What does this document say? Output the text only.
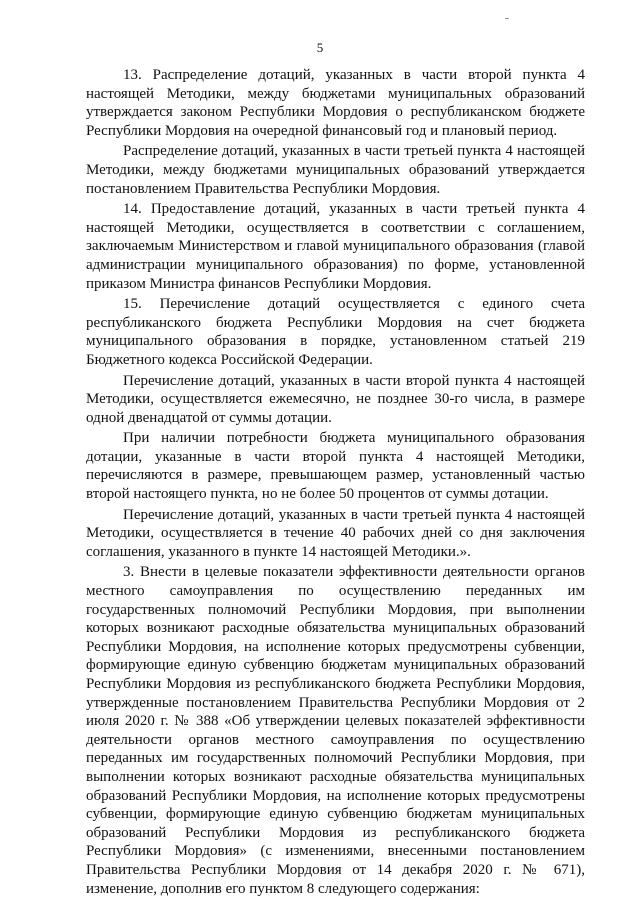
5

13. Распределение дотаций, указанных в части второй пункта 4 настоящей Методики, между бюджетами муниципальных образований утверждается законом Республики Мордовия о республиканском бюджете Республики Мордовия на очередной финансовый год и плановый период.

Распределение дотаций, указанных в части третьей пункта 4 настоящей Методики, между бюджетами муниципальных образований утверждается постановлением Правительства Республики Мордовия.

14. Предоставление дотаций, указанных в части третьей пункта 4 настоящей Методики, осуществляется в соответствии с соглашением, заключаемым Министерством и главой муниципального образования (главой администрации муниципального образования) по форме, установленной приказом Министра финансов Республики Мордовия.

15. Перечисление дотаций осуществляется с единого счета республиканского бюджета Республики Мордовия на счет бюджета муниципального образования в порядке, установленном статьей 219 Бюджетного кодекса Российской Федерации.

Перечисление дотаций, указанных в части второй пункта 4 настоящей Методики, осуществляется ежемесячно, не позднее 30-го числа, в размере одной двенадцатой от суммы дотации.

При наличии потребности бюджета муниципального образования дотации, указанные в части второй пункта 4 настоящей Методики, перечисляются в размере, превышающем размер, установленный частью второй настоящего пункта, но не более 50 процентов от суммы дотации.

Перечисление дотаций, указанных в части третьей пункта 4 настоящей Методики, осуществляется в течение 40 рабочих дней со дня заключения соглашения, указанного в пункте 14 настоящей Методики.».

3. Внести в целевые показатели эффективности деятельности органов местного самоуправления по осуществлению переданных им государственных полномочий Республики Мордовия, при выполнении которых возникают расходные обязательства муниципальных образований Республики Мордовия, на исполнение которых предусмотрены субвенции, формирующие единую субвенцию бюджетам муниципальных образований Республики Мордовия из республиканского бюджета Республики Мордовия, утвержденные постановлением Правительства Республики Мордовия от 2 июля 2020 г. № 388 «Об утверждении целевых показателей эффективности деятельности органов местного самоуправления по осуществлению переданных им государственных полномочий Республики Мордовия, при выполнении которых возникают расходные обязательства муниципальных образований Республики Мордовия, на исполнение которых предусмотрены субвенции, формирующие единую субвенцию бюджетам муниципальных образований Республики Мордовия из республиканского бюджета Республики Мордовия» (с изменениями, внесенными постановлением Правительства Республики Мордовия от 14 декабря 2020 г. № 671), изменение, дополнив его пунктом 8 следующего содержания:
